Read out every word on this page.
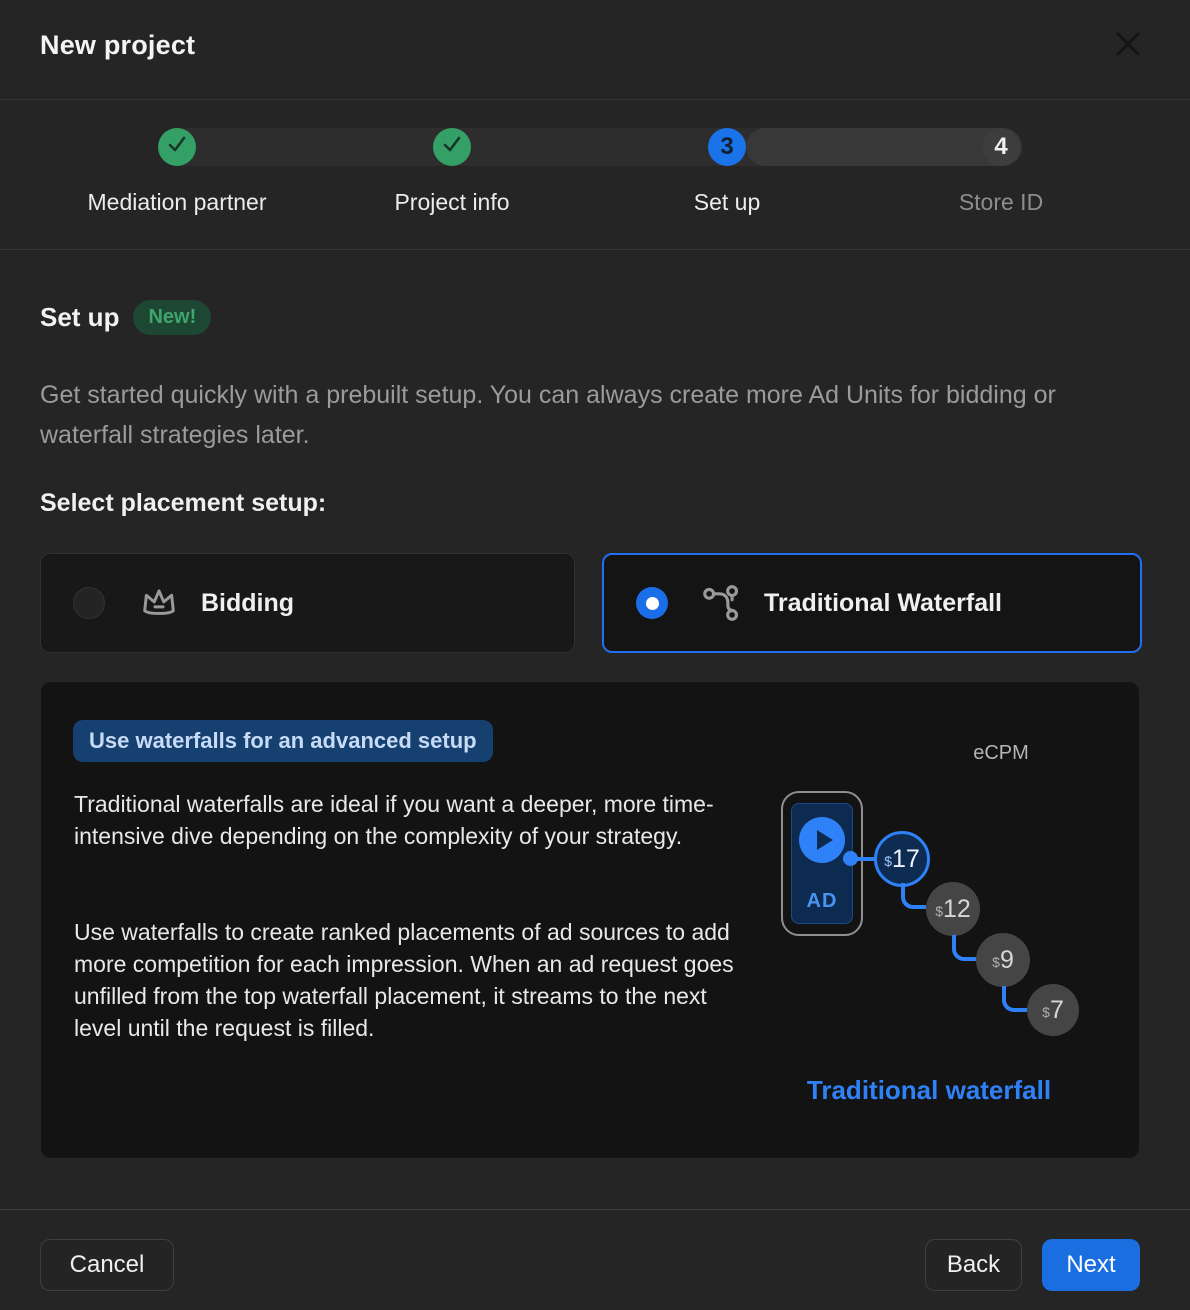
New project
3	4
Mediation partner	Project info	Set up	Store ID
Set up	New!
Get started quickly with a prebuilt setup. You can always create more Ad Units for bidding or waterfall strategies later.
Select placement setup:
Bidding	Traditional Waterfall
Use waterfalls for an advanced setup
Traditional waterfalls are ideal if you want a deeper, more time-intensive dive depending on the complexity of your strategy.
Use waterfalls to create ranked placements of ad sources to add more competition for each impression. When an ad request goes unfilled from the top waterfall placement, it streams to the next level until the request is filled.
eCPM
AD
$ 17
$ 12
$ 9
$ 7
Traditional waterfall
Cancel	Back	Next
